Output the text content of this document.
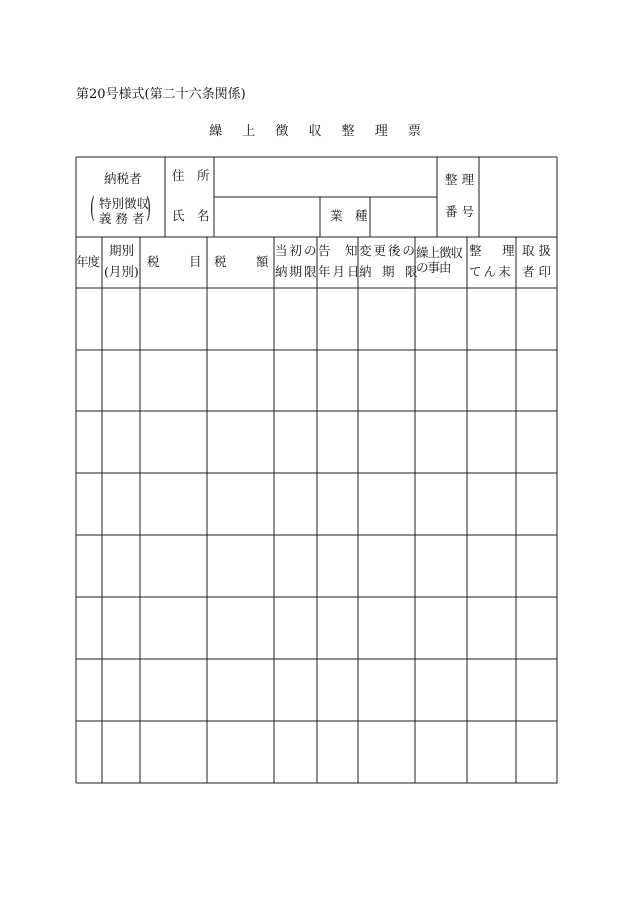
第20号様式(第二十六条関係)
繰 上 徴 収 整 理 票
納税者
( 特別徴収
義 務 者 )
住　所
氏　名	業　種
整 理
番 号
年度
期別
(月別)
税 目 税 額
当 初 の
納 期 限
告 知
年 月 日
変 更 後 の
納　期　限
繰上徴収
の事由
整 理
て ん 末
取 扱
者 印
